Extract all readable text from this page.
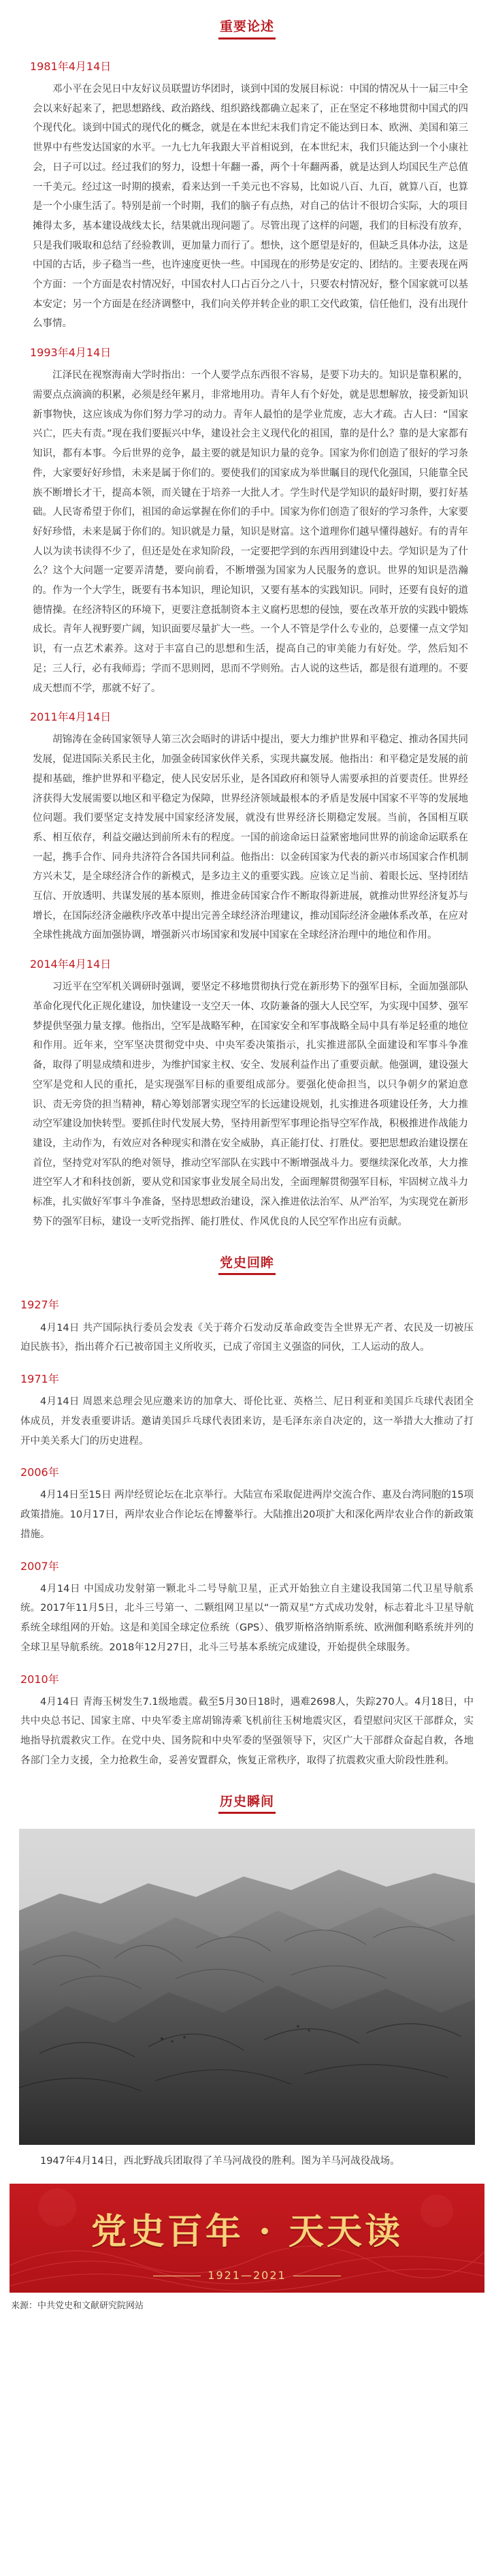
重要论述
1981年4月14日

邓小平在会见日中友好议员联盟访华团时，谈到中国的发展目标说：中国的情况从十一届三中全会以来好起来了，把思想路线、政治路线、组织路线都确立起来了，正在坚定不移地贯彻中国式的四个现代化。谈到中国式的现代化的概念，就是在本世纪末我们肯定不能达到日本、欧洲、美国和第三世界中有些发达国家的水平。一九七九年我跟大平首相说到，在本世纪末，我们只能达到一个小康社会，日子可以过。经过我们的努力，设想十年翻一番，两个十年翻两番，就是达到人均国民生产总值一千美元。经过这一时期的摸索，看来达到一千美元也不容易，比如说八百、九百，就算八百，也算是一个小康生活了。特别是前一个时期，我们的脑子有点热，对自己的估计不很切合实际，大的项目摊得太多，基本建设战线太长，结果就出现问题了。尽管出现了这样的问题，我们的目标没有放弃，只是我们吸取和总结了经验教训，更加量力而行了。想快，这个愿望是好的，但缺乏具体办法，这是中国的古话，步子稳当一些，也许速度更快一些。中国现在的形势是安定的、团结的。主要表现在两个方面：一个方面是农村情况好，中国农村人口占百分之八十，只要农村情况好，整个国家就可以基本安定；另一个方面是在经济调整中，我们向关停并转企业的职工交代政策，信任他们，没有出现什么事情。

1993年4月14日

江泽民在视察海南大学时指出：一个人要学点东西很不容易，是要下功夫的。知识是靠积累的，需要点点滴滴的积累，必须是经年累月，非常地用功。青年人有个好处，就是思想解放，接受新知识新事物快，这应该成为你们努力学习的动力。青年人最怕的是学业荒废，志大才疏。古人曰：“国家兴亡，匹夫有责。”现在我们要振兴中华，建设社会主义现代化的祖国，靠的是什么？靠的是大家都有知识，都有本事。今后世界的竞争，最主要的就是知识力量的竞争。国家为你们创造了很好的学习条件，大家要好好珍惜，未来是属于你们的。要使我们的国家成为举世瞩目的现代化强国，只能靠全民族不断增长才干，提高本领，而关键在于培养一大批人才。学生时代是学知识的最好时期，要打好基础。人民寄希望于你们，祖国的命运掌握在你们的手中。国家为你们创造了很好的学习条件，大家要好好珍惜，未来是属于你们的。知识就是力量，知识是财富。这个道理你们越早懂得越好。有的青年人以为读书读得不少了，但还是处在求知阶段，一定要把学到的东西用到建设中去。学知识是为了什么？这个大问题一定要弄清楚，要向前看，不断增强为国家为人民服务的意识。世界的知识是浩瀚的。作为一个大学生，既要有书本知识，理论知识，又要有基本的实践知识。同时，还要有良好的道德情操。在经济特区的环境下，更要注意抵制资本主义腐朽思想的侵蚀，要在改革开放的实践中锻炼成长。青年人视野要广阔，知识面要尽量扩大一些。一个人不管是学什么专业的，总要懂一点文学知识，有一点艺术素养。这对于丰富自己的思想和生活，提高自己的审美能力有好处。学，然后知不足；三人行，必有我师焉；学而不思则罔，思而不学则殆。古人说的这些话，都是很有道理的。不要成天想而不学，那就不好了。

2011年4月14日

胡锦涛在金砖国家领导人第三次会晤时的讲话中提出，要大力维护世界和平稳定、推动各国共同发展，促进国际关系民主化，加强金砖国家伙伴关系，实现共赢发展。他指出：和平稳定是发展的前提和基础，维护世界和平稳定，使人民安居乐业，是各国政府和领导人需要承担的首要责任。世界经济获得大发展需要以地区和平稳定为保障，世界经济领域最根本的矛盾是发展中国家不平等的发展地位问题。我们要坚定支持发展中国家经济发展，就没有世界经济长期稳定发展。当前，各国相互联系、相互依存，利益交融达到前所未有的程度。一国的前途命运日益紧密地同世界的前途命运联系在一起，携手合作、同舟共济符合各国共同利益。他指出：以金砖国家为代表的新兴市场国家合作机制方兴未艾，是全球经济合作的新模式，是多边主义的重要实践。应该立足当前、着眼长远、坚持团结互信、开放透明、共谋发展的基本原则，推进金砖国家合作不断取得新进展，就推动世界经济复苏与增长，在国际经济金融秩序改革中提出完善全球经济治理建议，推动国际经济金融体系改革，在应对全球性挑战方面加强协调，增强新兴市场国家和发展中国家在全球经济治理中的地位和作用。

2014年4月14日

习近平在空军机关调研时强调，要坚定不移地贯彻执行党在新形势下的强军目标，全面加强部队革命化现代化正规化建设，加快建设一支空天一体、攻防兼备的强大人民空军，为实现中国梦、强军梦提供坚强力量支撑。他指出，空军是战略军种，在国家安全和军事战略全局中具有举足轻重的地位和作用。近年来，空军坚决贯彻党中央、中央军委决策指示，扎实推进部队全面建设和军事斗争准备，取得了明显成绩和进步，为维护国家主权、安全、发展利益作出了重要贡献。他强调，建设强大空军是党和人民的重托，是实现强军目标的重要组成部分。要强化使命担当，以只争朝夕的紧迫意识、责无旁贷的担当精神，精心筹划部署实现空军的长远建设规划，扎实推进各项建设任务，大力推动空军建设加快转型。要抓住时代发展大势，坚持用新型军事理论指导空军作战，积极推进作战能力建设，主动作为，有效应对各种现实和潜在安全威胁，真正能打仗、打胜仗。要把思想政治建设摆在首位，坚持党对军队的绝对领导，推动空军部队在实践中不断增强战斗力。要继续深化改革，大力推进空军人才和科技创新，要从党和国家事业发展全局出发，全面理解贯彻强军目标，牢固树立战斗力标准，扎实做好军事斗争准备，坚持思想政治建设，深入推进依法治军、从严治军，为实现党在新形势下的强军目标，建设一支听党指挥、能打胜仗、作风优良的人民空军作出应有贡献。

党史回眸
1927年

4月14日 共产国际执行委员会发表《关于蒋介石发动反革命政变告全世界无产者、农民及一切被压迫民族书》，指出蒋介石已被帝国主义所收买，已成了帝国主义强盗的同伙，工人运动的敌人。

1971年

4月14日 周恩来总理会见应邀来访的加拿大、哥伦比亚、英格兰、尼日利亚和美国乒乓球代表团全体成员，并发表重要讲话。邀请美国乒乓球代表团来访，是毛泽东亲自决定的，这一举措大大推动了打开中美关系大门的历史进程。

2006年

4月14日至15日 两岸经贸论坛在北京举行。大陆宣布采取促进两岸交流合作、惠及台湾同胞的15项政策措施。10月17日，两岸农业合作论坛在博鳌举行。大陆推出20项扩大和深化两岸农业合作的新政策措施。

2007年

4月14日 中国成功发射第一颗北斗二号导航卫星，正式开始独立自主建设我国第二代卫星导航系统。2017年11月5日，北斗三号第一、二颗组网卫星以“一箭双星”方式成功发射，标志着北斗卫星导航系统全球组网的开始。这是和美国全球定位系统（GPS）、俄罗斯格洛纳斯系统、欧洲伽利略系统并列的全球卫星导航系统。2018年12月27日，北斗三号基本系统完成建设，开始提供全球服务。

2010年

4月14日 青海玉树发生7.1级地震。截至5月30日18时，遇难2698人，失踪270人。4月18日，中共中央总书记、国家主席、中央军委主席胡锦涛乘飞机前往玉树地震灾区，看望慰问灾区干部群众，实地指导抗震救灾工作。在党中央、国务院和中央军委的坚强领导下，灾区广大干部群众奋起自救，各地各部门全力支援，全力抢救生命，妥善安置群众，恢复正常秩序，取得了抗震救灾重大阶段性胜利。

历史瞬间

1947年4月14日，西北野战兵团取得了羊马河战役的胜利。图为羊马河战役战场。

党史百年 · 天天读
1921—2021
来源：中共党史和文献研究院网站
